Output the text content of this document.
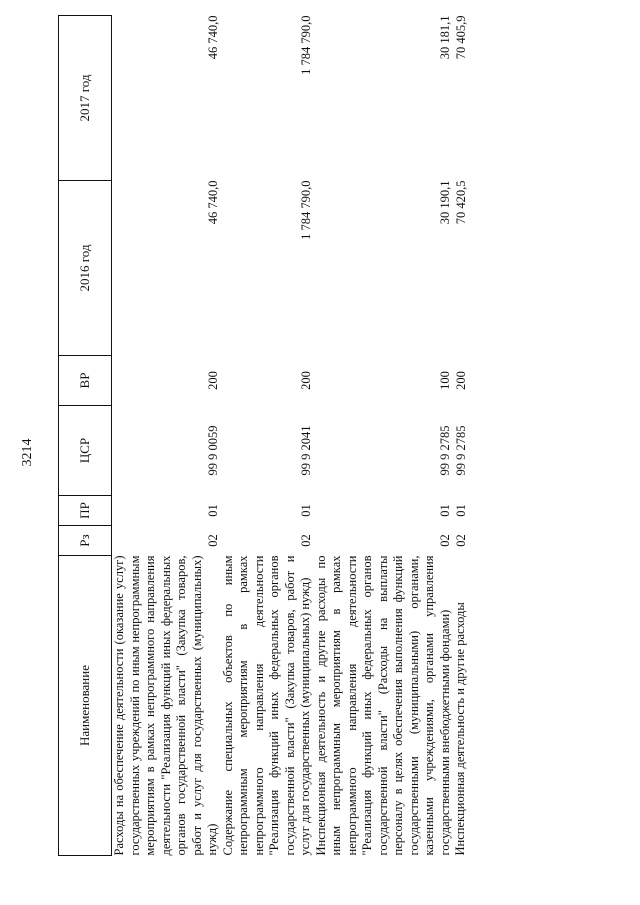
3214
Наименование	Рз	ПР	ЦСР	ВР	2016 год	2017 год
Расходы на обеспечение деятельности (оказание услуг) государственных учреждений по иным непрограммным мероприятиям в рамках непрограммного направления деятельности "Реализация функций иных федеральных органов государственной власти" (Закупка товаров, работ и услуг для государственных (муниципальных) нужд)	02	01	99 9 0059	200	46 740,0	46 740,0
Содержание специальных объектов по иным непрограммным мероприятиям в рамках непрограммного направления деятельности "Реализация функций иных федеральных органов государственной власти" (Закупка товаров, работ и услуг для государственных (муниципальных) нужд)	02	01	99 9 2041	200	1 784 790,0	1 784 790,0
Инспекционная деятельность и другие расходы по иным непрограммным мероприятиям в рамках непрограммного направления деятельности "Реализация функций иных федеральных органов государственной власти" (Расходы на выплаты персоналу в целях обеспечения выполнения функций государственными (муниципальными) органами, казенными учреждениями, органами управления государственными внебюджетными фондами)	02	01	99 9 2785	100	30 190,1	30 181,1
Инспекционная деятельность и другие расходы	02	01	99 9 2785	200	70 420,5	70 405,9
